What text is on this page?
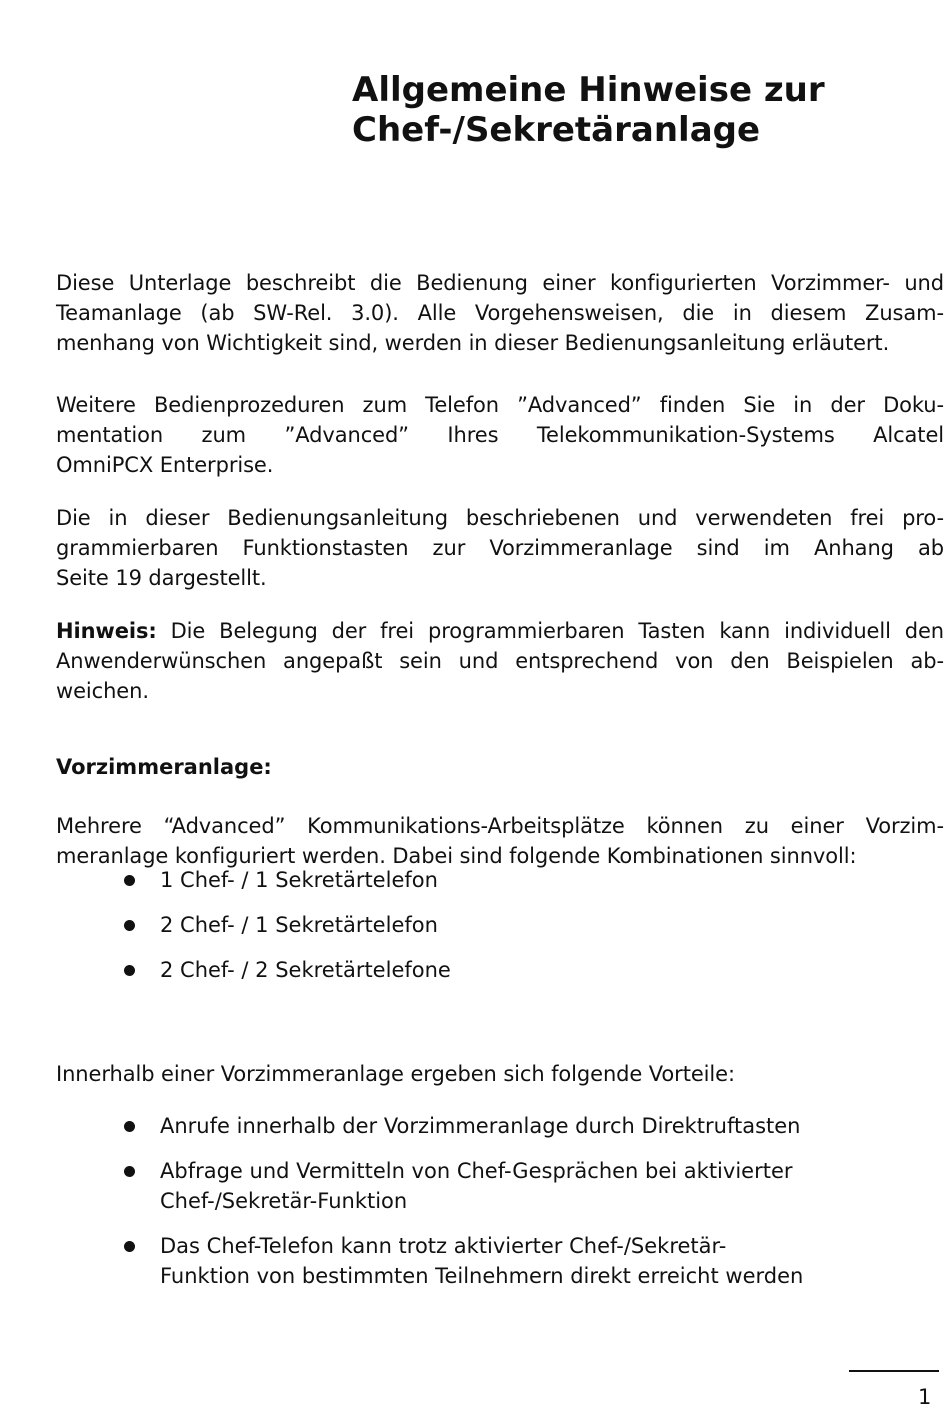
Allgemeine Hinweise zur
Chef-/Sekretäranlage

Diese Unterlage beschreibt die Bedienung einer konfigurierten Vorzimmer- und
Teamanlage (ab SW-Rel. 3.0). Alle Vorgehensweisen, die in diesem Zusam-
menhang von Wichtigkeit sind, werden in dieser Bedienungsanleitung erläutert.

Weitere Bedienprozeduren zum Telefon ”Advanced” finden Sie in der Doku-
mentation zum ”Advanced” Ihres Telekommunikation-Systems Alcatel
OmniPCX Enterprise.

Die in dieser Bedienungsanleitung beschriebenen und verwendeten frei pro-
grammierbaren Funktionstasten zur Vorzimmeranlage sind im Anhang ab
Seite 19 dargestellt.

Hinweis: Die Belegung der frei programmierbaren Tasten kann individuell den
Anwenderwünschen angepaßt sein und entsprechend von den Beispielen ab-
weichen.

Vorzimmeranlage:

Mehrere “Advanced” Kommunikations-Arbeitsplätze können zu einer Vorzim-
meranlage konfiguriert werden. Dabei sind folgende Kombinationen sinnvoll:

1 Chef- / 1 Sekretärtelefon
2 Chef- / 1 Sekretärtelefon
2 Chef- / 2 Sekretärtelefone

Innerhalb einer Vorzimmeranlage ergeben sich folgende Vorteile:

Anrufe innerhalb der Vorzimmeranlage durch Direktruftasten
Abfrage und Vermitteln von Chef-Gesprächen bei aktivierter
Chef-/Sekretär-Funktion
Das Chef-Telefon kann trotz aktivierter Chef-/Sekretär-
Funktion von bestimmten Teilnehmern direkt erreicht werden
1
